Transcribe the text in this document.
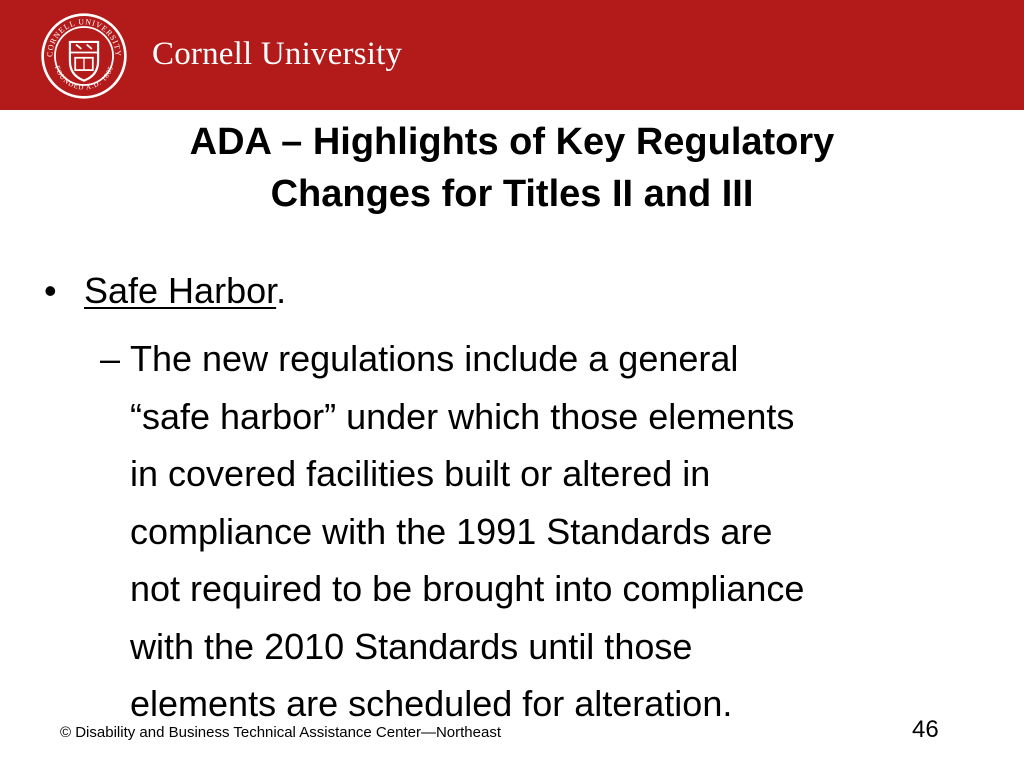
CORNELL UNIVERSITY
FOUNDED A.D. 1865 Cornell University
ADA – Highlights of Key Regulatory
Changes for Titles II and III
• Safe Harbor.
– The new regulations include a general
“safe harbor” under which those elements
in covered facilities built or altered in
compliance with the 1991 Standards are
not required to be brought into compliance
with the 2010 Standards until those
elements are scheduled for alteration.
© Disability and Business Technical Assistance Center—Northeast	46
